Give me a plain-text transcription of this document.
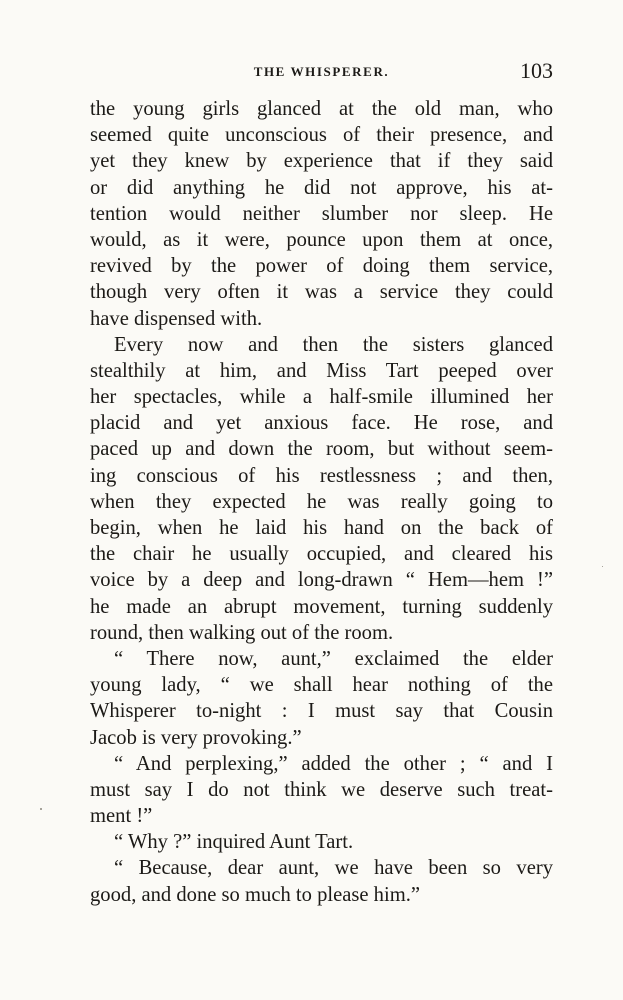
THE WHISPERER.	103
the young girls glanced at the old man, who
seemed quite unconscious of their presence, and
yet they knew by experience that if they said
or did anything he did not approve, his at-
tention would neither slumber nor sleep. He
would, as it were, pounce upon them at once,
revived by the power of doing them service,
though very often it was a service they could
have dispensed with.
Every now and then the sisters glanced
stealthily at him, and Miss Tart peeped over
her spectacles, while a half-smile illumined her
placid and yet anxious face. He rose, and
paced up and down the room, but without seem-
ing conscious of his restlessness ; and then,
when they expected he was really going to
begin, when he laid his hand on the back of
the chair he usually occupied, and cleared his
voice by a deep and long-drawn “ Hem—hem !”
he made an abrupt movement, turning suddenly
round, then walking out of the room.
“ There now, aunt,” exclaimed the elder
young lady, “ we shall hear nothing of the
Whisperer to-night : I must say that Cousin
Jacob is very provoking.”
“ And perplexing,” added the other ; “ and I
must say I do not think we deserve such treat-
ment !”
“ Why ?” inquired Aunt Tart.
“ Because, dear aunt, we have been so very
good, and done so much to please him.”
